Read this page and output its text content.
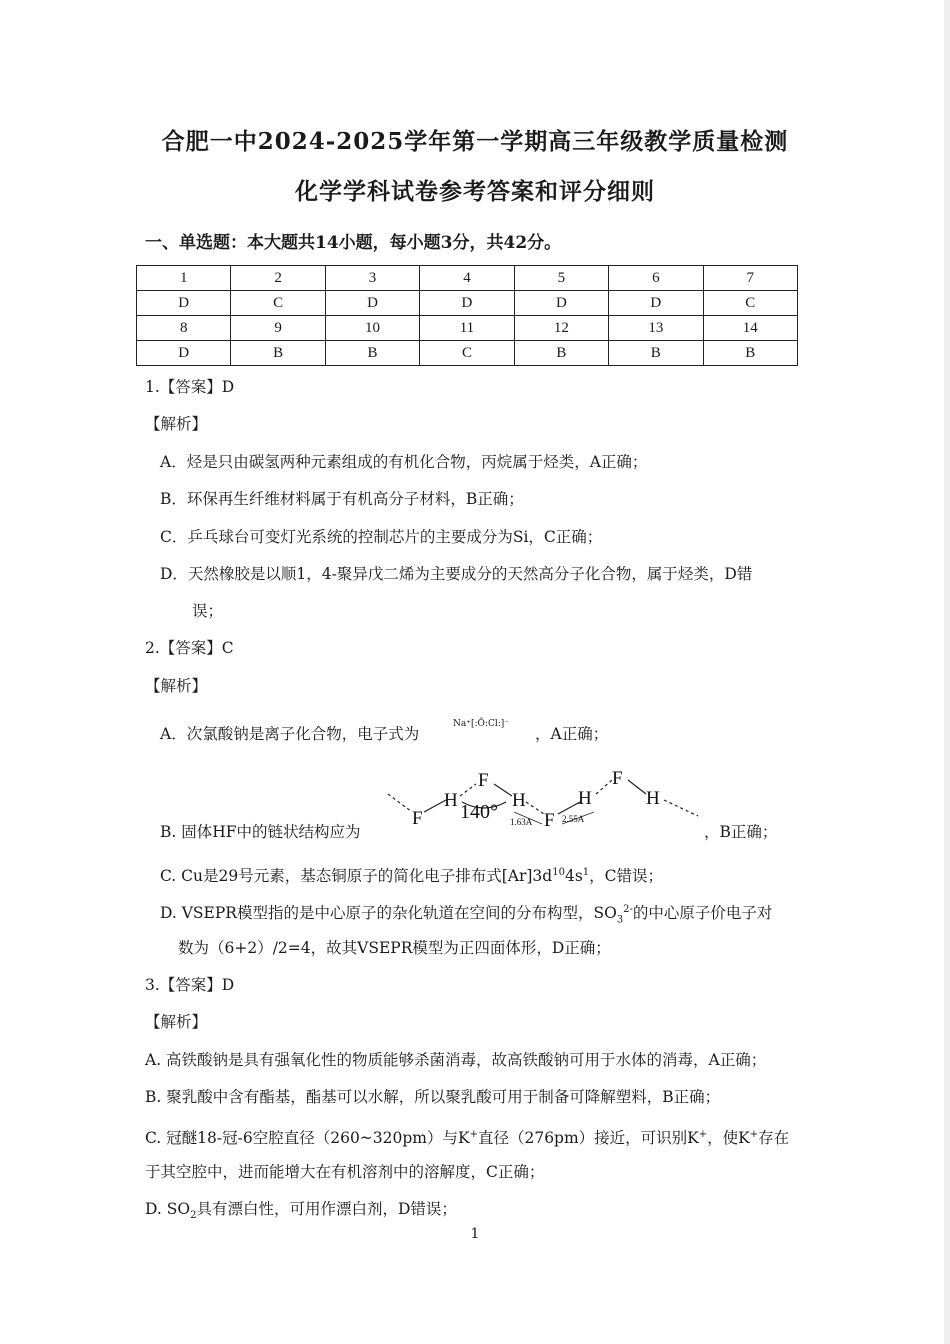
合肥一中2024-2025学年第一学期高三年级教学质量检测
化学学科试卷参考答案和评分细则
一、单选题：本大题共14小题，每小题3分，共42分。
1	2	3	4	5	6	7
D	C	D	D	D	D	C
8	9	10	11	12	13	14
D	B	B	C	B	B	B
1.【答案】D
【解析】
A．烃是只由碳氢两种元素组成的有机化合物，丙烷属于烃类，A正确；
B．环保再生纤维材料属于有机高分子材料，B正确；
C．乒乓球台可变灯光系统的控制芯片的主要成分为Si，C正确；
D．天然橡胶是以顺1，4-聚异戊二烯为主要成分的天然高分子化合物，属于烃类，D错
误；
2.【答案】C
【解析】
A．次氯酸钠是离子化合物，电子式为
Na⁺[:Ö:Cl:]⁻
，A正确；
B. 固体HF中的链状结构应为	，B正确；
F
H
F
H
F
H
F
H
140° 1.63A	2.55A
C. Cu是29号元素，基态铜原子的简化电子排布式$[Ar]3d^{10}4s^1$，C错误；
D. VSEPR模型指的是中心原子的杂化轨道在空间的分布构型，$SO_3^{2-}$的中心原子价电子对
数为（6+2）/2=4，故其VSEPR模型为正四面体形，D正确；
3.【答案】D
【解析】
A. 高铁酸钠是具有强氧化性的物质能够杀菌消毒，故高铁酸钠可用于水体的消毒，A正确；
B. 聚乳酸中含有酯基，酯基可以水解，所以聚乳酸可用于制备可降解塑料，B正确；
C. 冠醚18-冠-6空腔直径（260~320pm）与K+直径（276pm）接近，可识别K+，使K+存在
于其空腔中，进而能增大在有机溶剂中的溶解度，C正确；
D. $SO_2$具有漂白性，可用作漂白剂，D错误；
1
